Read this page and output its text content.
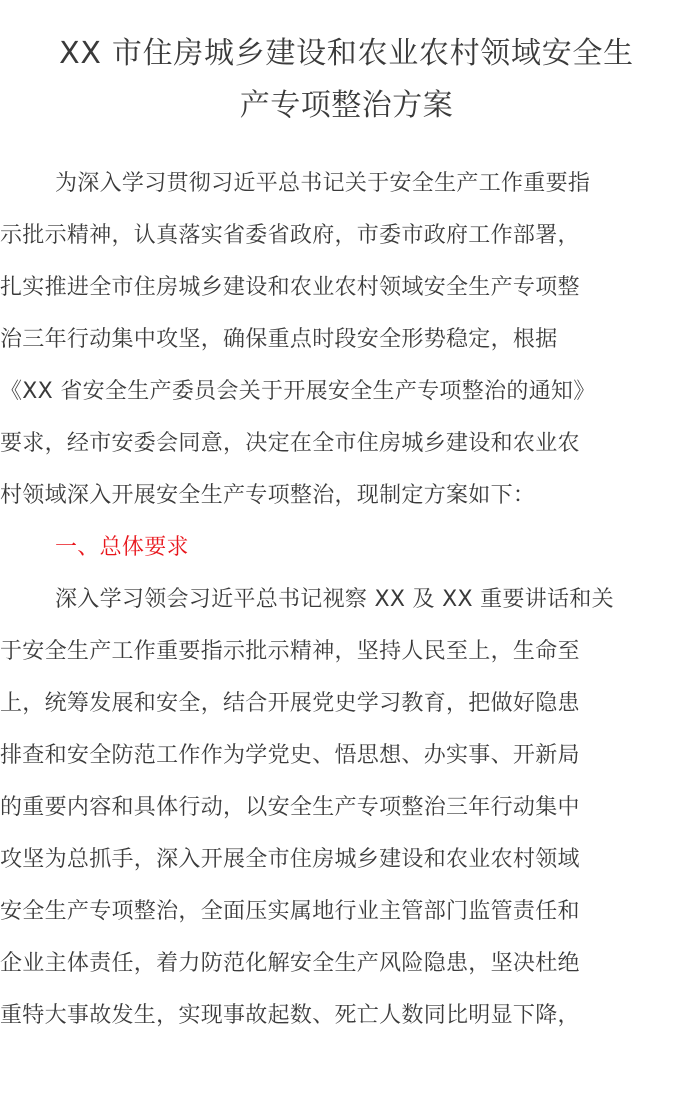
XX 市住房城乡建设和农业农村领域安全生
产专项整治方案
为深入学习贯彻习近平总书记关于安全生产工作重要指
示批示精神，认真落实省委省政府，市委市政府工作部署，
扎实推进全市住房城乡建设和农业农村领域安全生产专项整
治三年行动集中攻坚，确保重点时段安全形势稳定，根据
《XX 省安全生产委员会关于开展安全生产专项整治的通知》
要求，经市安委会同意，决定在全市住房城乡建设和农业农
村领域深入开展安全生产专项整治，现制定方案如下：
一、总体要求
深入学习领会习近平总书记视察 XX 及 XX 重要讲话和关
于安全生产工作重要指示批示精神，坚持人民至上，生命至
上，统筹发展和安全，结合开展党史学习教育，把做好隐患
排查和安全防范工作作为学党史、悟思想、办实事、开新局
的重要内容和具体行动，以安全生产专项整治三年行动集中
攻坚为总抓手，深入开展全市住房城乡建设和农业农村领域
安全生产专项整治，全面压实属地行业主管部门监管责任和
企业主体责任，着力防范化解安全生产风险隐患，坚决杜绝
重特大事故发生，实现事故起数、死亡人数同比明显下降，
